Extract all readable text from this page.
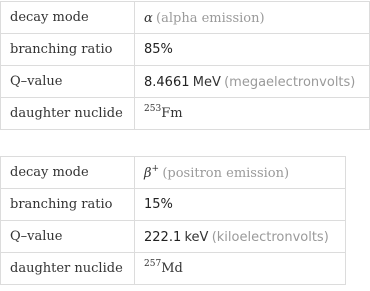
decay mode	α (alpha emission)
branching ratio	85%
Q–value	8.4661 MeV (megaelectronvolts)
daughter nuclide	$^{253}$Fm
decay mode	β+ (positron emission)
branching ratio	15%
Q–value	222.1 keV (kiloelectronvolts)
daughter nuclide	$^{257}$Md
